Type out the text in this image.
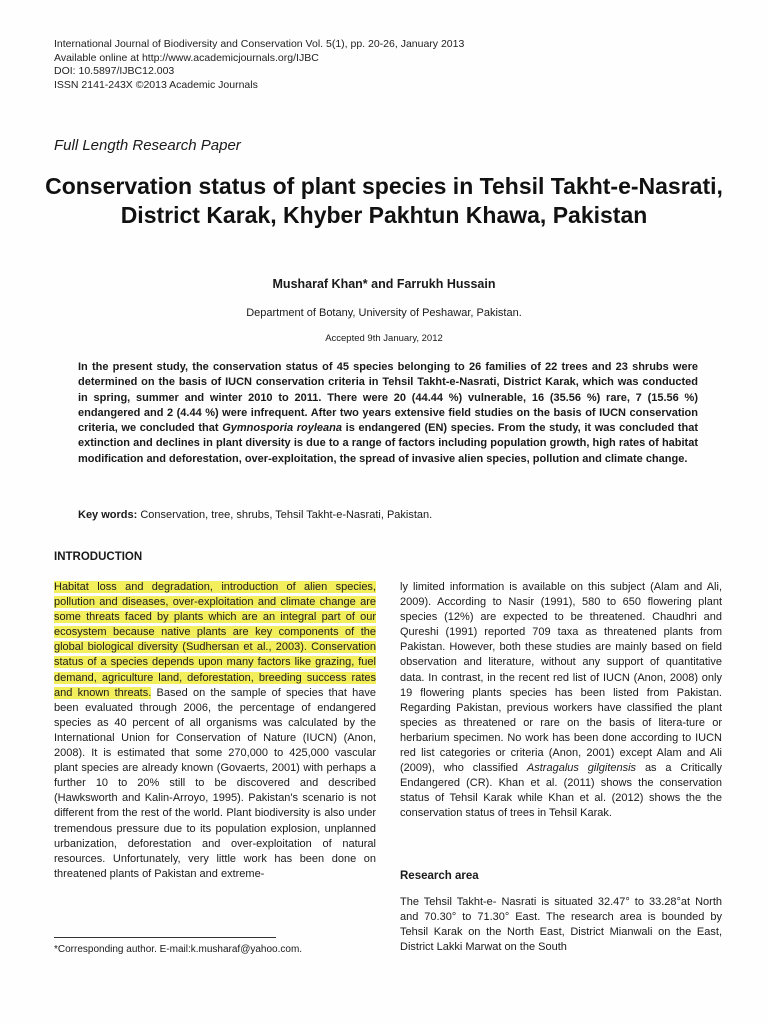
International Journal of Biodiversity and Conservation Vol. 5(1), pp. 20-26, January 2013
Available online at http://www.academicjournals.org/IJBC
DOI: 10.5897/IJBC12.003
ISSN 2141-243X ©2013 Academic Journals
Full Length Research Paper
Conservation status of plant species in Tehsil Takht-e-Nasrati, District Karak, Khyber Pakhtun Khawa, Pakistan
Musharaf Khan* and Farrukh Hussain
Department of Botany, University of Peshawar, Pakistan.
Accepted 9th January, 2012
In the present study, the conservation status of 45 species belonging to 26 families of 22 trees and 23 shrubs were determined on the basis of IUCN conservation criteria in Tehsil Takht-e-Nasrati, District Karak, which was conducted in spring, summer and winter 2010 to 2011. There were 20 (44.44 %) vulnerable, 16 (35.56 %) rare, 7 (15.56 %) endangered and 2 (4.44 %) were infrequent. After two years extensive field studies on the basis of IUCN conservation criteria, we concluded that Gymnosporia royleana is endangered (EN) species. From the study, it was concluded that extinction and declines in plant diversity is due to a range of factors including population growth, high rates of habitat modification and deforestation, over-exploitation, the spread of invasive alien species, pollution and climate change.
Key words: Conservation, tree, shrubs, Tehsil Takht-e-Nasrati, Pakistan.
INTRODUCTION
Habitat loss and degradation, introduction of alien species, pollution and diseases, over-exploitation and climate change are some threats faced by plants which are an integral part of our ecosystem because native plants are key components of the global biological diversity (Sudhersan et al., 2003). Conservation status of a species depends upon many factors like grazing, fuel demand, agriculture land, deforestation, breeding success rates and known threats. Based on the sample of species that have been evaluated through 2006, the percentage of endangered species as 40 percent of all organisms was calculated by the International Union for Conservation of Nature (IUCN) (Anon, 2008). It is estimated that some 270,000 to 425,000 vascular plant species are already known (Govaerts, 2001) with perhaps a further 10 to 20% still to be discovered and described (Hawksworth and Kalin-Arroyo, 1995). Pakistan's scenario is not different from the rest of the world. Plant biodiversity is also under tremendous pressure due to its population explosion, unplanned urbanization, deforestation and over-exploitation of natural resources. Unfortunately, very little work has been done on threatened plants of Pakistan and extreme-
ly limited information is available on this subject (Alam and Ali, 2009). According to Nasir (1991), 580 to 650 flowering plant species (12%) are expected to be threatened. Chaudhri and Qureshi (1991) reported 709 taxa as threatened plants from Pakistan. However, both these studies are mainly based on field observation and literature, without any support of quantitative data. In contrast, in the recent red list of IUCN (Anon, 2008) only 19 flowering plants species has been listed from Pakistan. Regarding Pakistan, previous workers have classified the plant species as threatened or rare on the basis of litera-ture or herbarium specimen. No work has been done according to IUCN red list categories or criteria (Anon, 2001) except Alam and Ali (2009), who classified Astragalus gilgitensis as a Critically Endangered (CR). Khan et al. (2011) shows the conservation status of Tehsil Karak while Khan et al. (2012) shows the the conservation status of trees in Tehsil Karak.
Research area
The Tehsil Takht-e- Nasrati is situated 32.47° to 33.28°at North and 70.30° to 71.30° East. The research area is bounded by Tehsil Karak on the North East, District Mianwali on the East, District Lakki Marwat on the South
*Corresponding author. E-mail:k.musharaf@yahoo.com.
